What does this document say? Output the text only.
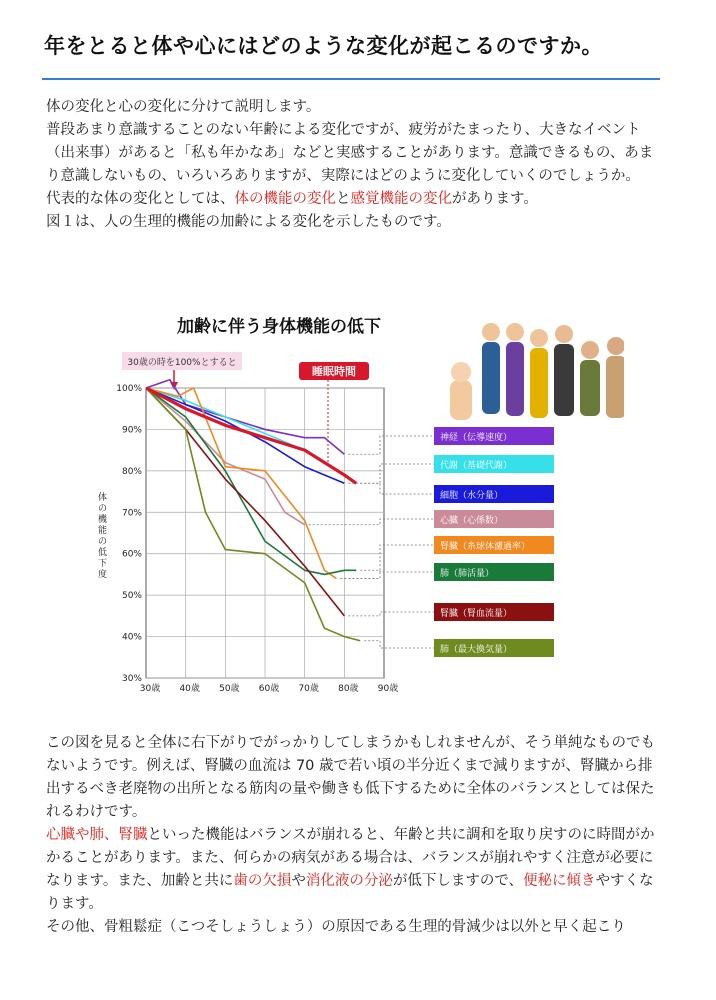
年をとると体や心にはどのような変化が起こるのですか。
体の変化と心の変化に分けて説明します。
普段あまり意識することのない年齢による変化ですが、疲労がたまったり、大きなイベント（出来事）があると「私も年かなあ」などと実感することがあります。意識できるもの、あまり意識しないもの、いろいろありますが、実際にはどのように変化していくのでしょうか。
代表的な体の変化としては、体の機能の変化と感覚機能の変化があります。
図１は、人の生理的機能の加齢による変化を示したものです。
加齢に伴う身体機能の低下
30歳の時を100%とすると
睡眠時間
100%
90%
80%
70%
60%
50%
40%
30%
30歳 40歳 50歳 60歳 70歳 80歳 90歳
神経（伝導速度）
代謝（基礎代謝）
細胞（水分量）
心臓（心係数）
腎臓（糸球体濾過率）
肺（肺活量）
腎臓（腎血流量）
肺（最大換気量）
体の機能の低下度
この図を見ると全体に右下がりでがっかりしてしまうかもしれませんが、そう単純なものでもないようです。例えば、腎臓の血流は 70 歳で若い頃の半分近くまで減りますが、腎臓から排出するべき老廃物の出所となる筋肉の量や働きも低下するために全体のバランスとしては保たれるわけです。
心臓や肺、腎臓といった機能はバランスが崩れると、年齢と共に調和を取り戻すのに時間がかかることがあります。また、何らかの病気がある場合は、バランスが崩れやすく注意が必要になります。また、加齢と共に歯の欠損や消化液の分泌が低下しますので、便秘に傾きやすくなります。
その他、骨粗鬆症（こつそしょうしょう）の原因である生理的骨減少は以外と早く起こり
